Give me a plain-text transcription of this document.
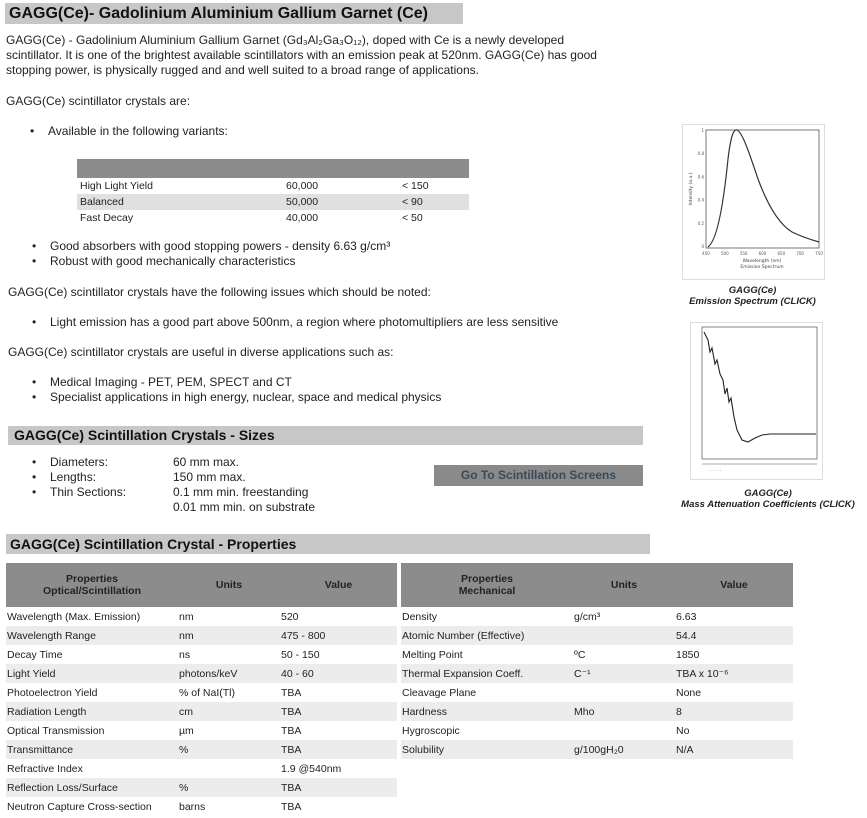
GAGG(Ce)- Gadolinium Aluminium Gallium Garnet (Ce)
GAGG(Ce) - Gadolinium Aluminium Gallium Garnet (Gd₃Al₂Ga₃O₁₂), doped with Ce is a newly developed
scintillator. It is one of the brightest available scintillators with an emission peak at 520nm. GAGG(Ce) has good
stopping power, is physically rugged and and well suited to a broad range of applications.
GAGG(Ce) scintillator crystals are:
• Available in the following variants:

High Light Yield	60,000	< 150
Balanced	50,000	< 90
Fast Decay	40,000	< 50
• Good absorbers with good stopping powers - density 6.63 g/cm³
• Robust with good mechanically characteristics
GAGG(Ce) scintillator crystals have the following issues which should be noted:
• Light emission has a good part above 500nm, a region where photomultipliers are less sensitive
GAGG(Ce) scintillator crystals are useful in diverse applications such as:
• Medical Imaging - PET, PEM, SPECT and CT
• Specialist applications in high energy, nuclear, space and medical physics
GAGG(Ce) Scintillation Crystals - Sizes
• Diameters:	60 mm max.
• Lengths:	150 mm max.
• Thin Sections:	0.1 mm min. freestanding
0.01 mm min. on substrate
Go To Scintillation Screens
GAGG(Ce) Scintillation Crystal - Properties
Properties
Optical/Scintillation	Units	Value
Wavelength (Max. Emission)	nm	520
Wavelength Range	nm	475 - 800
Decay Time	ns	50 - 150
Light Yield	photons/keV	40 - 60
Photoelectron Yield	% of NaI(Tl)	TBA
Radiation Length	cm	TBA
Optical Transmission	µm	TBA
Transmittance	%	TBA
Refractive Index		1.9 @540nm
Reflection Loss/Surface	%	TBA
Neutron Capture Cross-section	barns	TBA
Properties
Mechanical	Units	Value
Density	g/cm³	6.63
Atomic Number (Effective)		54.4
Melting Point	ºC	1850
Thermal Expansion Coeff.	C⁻¹	TBA x 10⁻⁶
Cleavage Plane		None
Hardness	Mho	8
Hygroscopic		No
Solubility	g/100gH₂0	N/A
1 0.8 0.6 0.4 0.2 0
450	500	550	600	650	700	750
Wavelength (nm)
Emission Spectrum
Intensity (a.u.)
GAGG(Ce)
Emission Spectrum (CLICK)
· · · · ·
GAGG(Ce)
Mass Attenuation Coefficients (CLICK)
